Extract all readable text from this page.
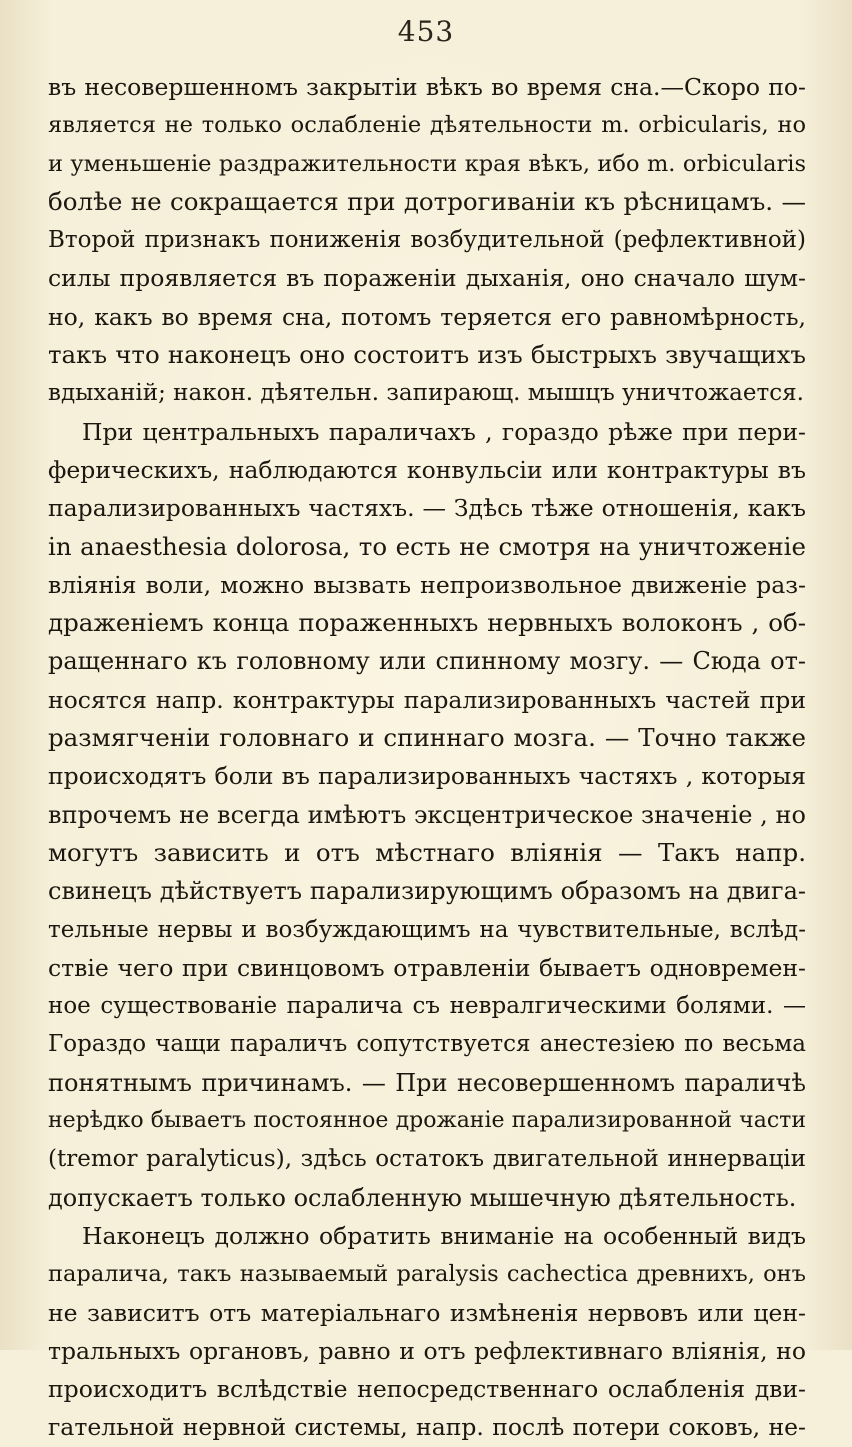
453
въ несовершенномъ закрытiи вѣкъ во время сна.—Скоро по-
является не только ослабленiе дѣятельности m. orbicularis, но
и уменьшенiе раздражительности края вѣкъ, ибо m. orbicularis
болѣе не сокращается при дотрогиванiи къ рѣсницамъ. —
Второй признакъ пониженiя возбудительной (рефлективной)
силы проявляется въ пораженiи дыханiя, оно сначало шум-
но, какъ во время сна, потомъ теряется его равномѣрность,
такъ что наконецъ оно состоитъ изъ быстрыхъ звучащихъ
вдыханiй; након. дѣятельн. запирающ. мышцъ уничтожается.
При центральныхъ параличахъ , гораздо рѣже при пери-
ферическихъ, наблюдаются конвульсiи или контрактуры въ
парализированныхъ частяхъ. — Здѣсь тѣже отношенiя, какъ
in anaesthesia dolorosa, то есть не смотря на уничтоженiе
влiянiя воли, можно вызвать непроизвольное движенiе раз-
драженiемъ конца пораженныхъ нервныхъ волоконъ , об-
ращеннаго къ головному или спинному мозгу. — Сюда от-
носятся напр. контрактуры парализированныхъ частей при
размягченiи головнаго и спиннаго мозга. — Точно также
происходятъ боли въ парализированныхъ частяхъ , которыя
впрочемъ не всегда имѣютъ эксцентрическое значенiе , но
могутъ зависить и отъ мѣстнаго влiянiя — Такъ напр.
свинецъ дѣйствуетъ парализирующимъ образомъ на двига-
тельные нервы и возбуждающимъ на чувствительные, вслѣд-
ствiе чего при свинцовомъ отравленiи бываетъ одновремен-
ное существованiе паралича съ невралгическими болями. —
Гораздо чащи параличъ сопутствуется анестезiею по весьма
понятнымъ причинамъ. — При несовершенномъ параличѣ
нерѣдко бываетъ постоянное дрожанiе парализированной части
(tremor paralyticus), здѣсь остатокъ двигательной иннерваціи
допускаетъ только ослабленную мышечную дѣятельность.
Наконецъ должно обратить вниманiе на особенный видъ
паралича, такъ называемый paralysis cachectica древнихъ, онъ
не зависитъ отъ матерiальнаго измѣненiя нервовъ или цен-
тральныхъ органовъ, равно и отъ рефлективнаго влiянiя, но
происходитъ вслѣдствiе непосредственнаго ослабленiя дви-
гательной нервной системы, напр. послѣ потери соковъ, не-
